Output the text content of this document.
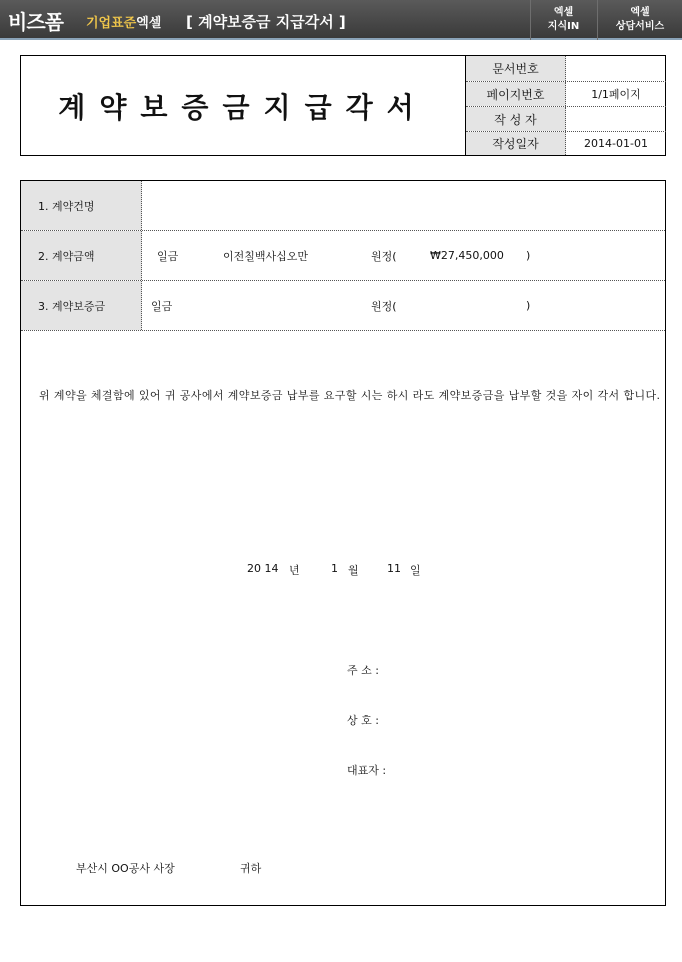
비즈폼 기업표준엑셀 [ 계약보증금 지급각서 ]
엑셀
지식IN
엑셀
상담서비스
계약보증금지급각서
문서번호
페이지번호	1/1페이지
작 성 자
작성일자	2014-01-01
1. 계약건명
2. 계약금액	일금	이전칠백사십오만	원정(	₩27,450,000 )
3. 계약보증금	일금	원정(	)
위 계약을 체결함에 있어 귀 공사에서 계약보증금 납부를 요구할 시는 하시 라도 계약보증금을 납부할 것을 자이 각서 합니다.
20 14 년	1 월	11 일
주 소 :
상 호 :
대표자 :
부산시 OO공사 사장	귀하
